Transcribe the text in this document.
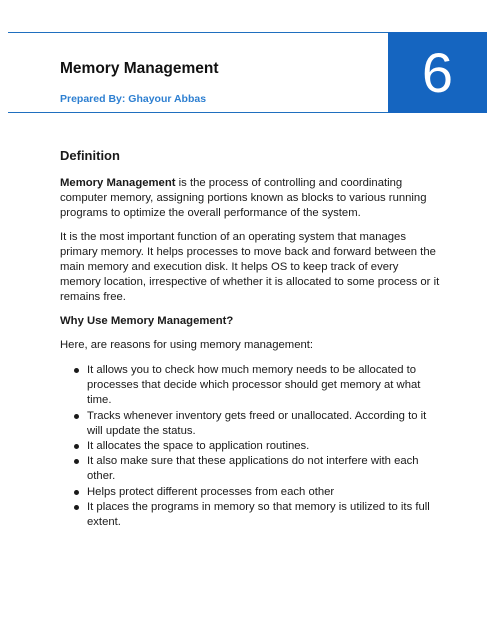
6
Memory Management
Prepared By: Ghayour Abbas
Definition

Memory Management is the process of controlling and coordinating computer memory, assigning portions known as blocks to various running programs to optimize the overall performance of the system.

It is the most important function of an operating system that manages primary memory. It helps processes to move back and forward between the main memory and execution disk. It helps OS to keep track of every memory location, irrespective of whether it is allocated to some process or it remains free.

Why Use Memory Management?

Here, are reasons for using memory management:

It allows you to check how much memory needs to be allocated to processes that decide which processor should get memory at what time.
Tracks whenever inventory gets freed or unallocated. According to it will update the status.
It allocates the space to application routines.
It also make sure that these applications do not interfere with each other.
Helps protect different processes from each other
It places the programs in memory so that memory is utilized to its full extent.
